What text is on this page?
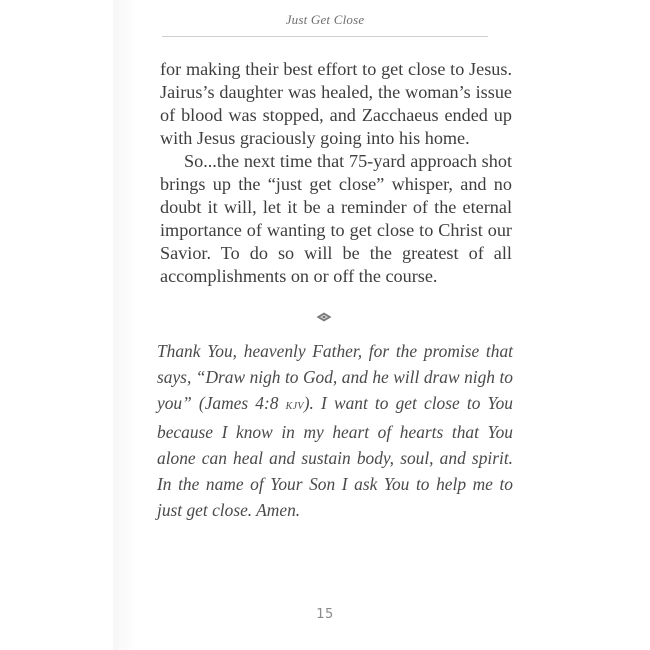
Just Get Close

for making their best effort to get close to Jesus. Jairus’s daughter was healed, the woman’s issue of blood was stopped, and Zacchaeus ended up with Jesus graciously going into his home.

So...the next time that 75-yard approach shot brings up the “just get close” whisper, and no doubt it will, let it be a reminder of the eternal importance of wanting to get close to Christ our Savior. To do so will be the greatest of all accomplishments on or off the course.

Thank You, heavenly Father, for the promise that says, “Draw nigh to God, and he will draw nigh to you” (James 4:8 kjv). I want to get close to You because I know in my heart of hearts that You alone can heal and sustain body, soul, and spirit. In the name of Your Son I ask You to help me to just get close. Amen.

15
